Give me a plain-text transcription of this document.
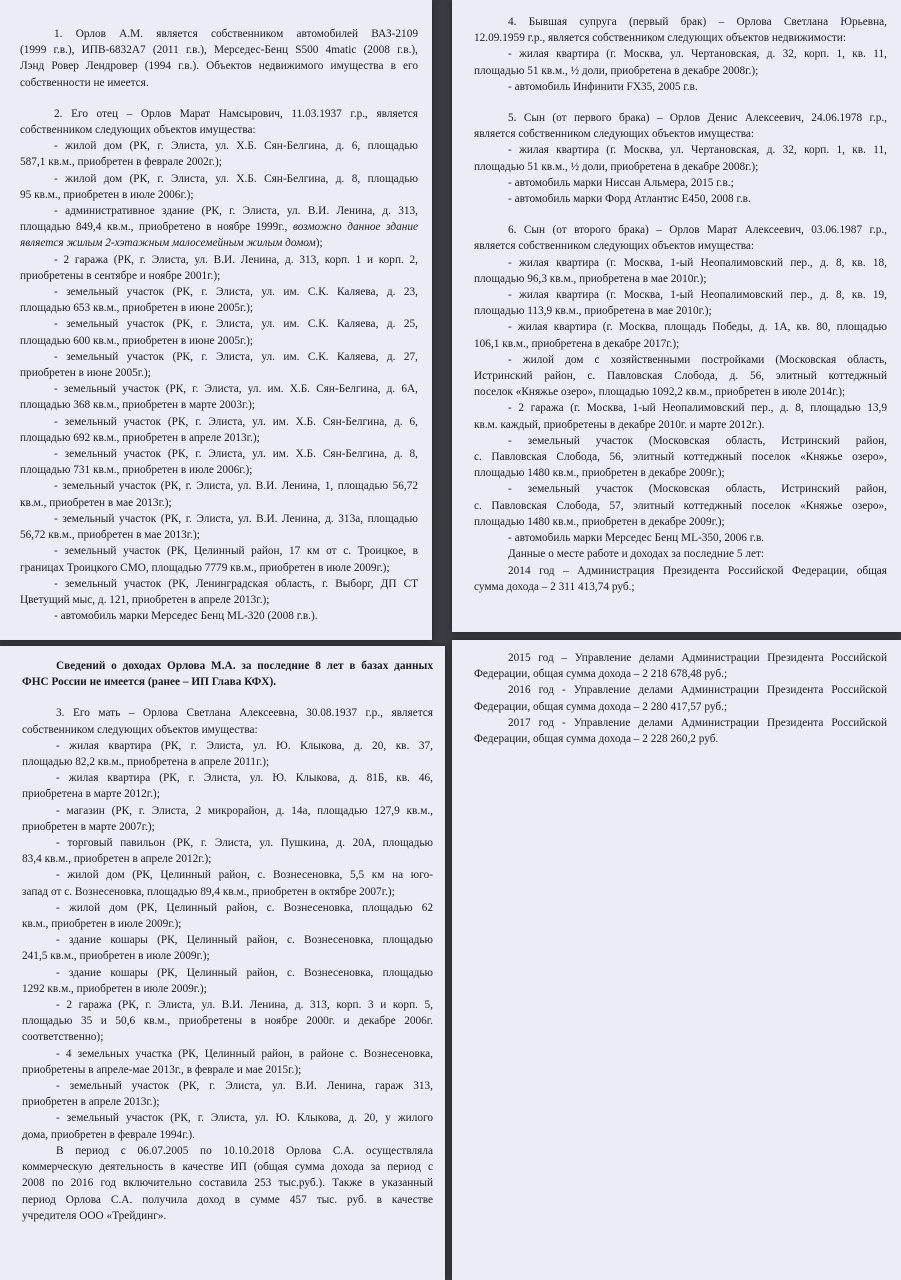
1. Орлов А.М. является собственником автомобилей ВАЗ-2109
(1999 г.в.), ИПВ-6832А7 (2011 г.в.), Мерседес-Бенц S500 4matic (2008 г.в.),
Лэнд Ровер Лендровер (1994 г.в.). Объектов недвижимого имущества в его
собственности не имеется.
2. Его отец – Орлов Марат Намсырович, 11.03.1937 г.р., является
собственником следующих объектов имущества:
- жилой дом (РК, г. Элиста, ул. Х.Б. Сян-Белгина, д. 6, площадью
587,1 кв.м., приобретен в феврале 2002г.);
- жилой дом (РК, г. Элиста, ул. Х.Б. Сян-Белгина, д. 8, площадью
95 кв.м., приобретен в июле 2006г.);
- административное здание (РК, г. Элиста, ул. В.И. Ленина, д. 313,
площадью 849,4 кв.м., приобретено в ноябре 1999г., возможно данное здание
является жилым 2-хэтажным малосемейным жилым домом);
- 2 гаража (РК, г. Элиста, ул. В.И. Ленина, д. 313, корп. 1 и корп. 2,
приобретены в сентябре и ноябре 2001г.);
- земельный участок (РК, г. Элиста, ул. им. С.К. Каляева, д. 23,
площадью 653 кв.м., приобретен в июне 2005г.);
- земельный участок (РК, г. Элиста, ул. им. С.К. Каляева, д. 25,
площадью 600 кв.м., приобретен в июне 2005г.);
- земельный участок (РК, г. Элиста, ул. им. С.К. Каляева, д. 27,
приобретен в июне 2005г.);
- земельный участок (РК, г. Элиста, ул. им. Х.Б. Сян-Белгина, д. 6А,
площадью 368 кв.м., приобретен в марте 2003г.);
- земельный участок (РК, г. Элиста, ул. им. Х.Б. Сян-Белгина, д. 6,
площадью 692 кв.м., приобретен в апреле 2013г.);
- земельный участок (РК, г. Элиста, ул. им. Х.Б. Сян-Белгина, д. 8,
площадью 731 кв.м., приобретен в июле 2006г.);
- земельный участок (РК, г. Элиста, ул. В.И. Ленина, 1, площадью 56,72
кв.м., приобретен в мае 2013г.);
- земельный участок (РК, г. Элиста, ул. В.И. Ленина, д. 313а, площадью
56,72 кв.м., приобретен в мае 2013г.);
- земельный участок (РК, Целинный район, 17 км от с. Троицкое, в
границах Троицкого СМО, площадью 7779 кв.м., приобретен в июле 2009г.);
- земельный участок (РК, Ленинградская область, г. Выборг, ДП СТ
Цветущий мыс, д. 121, приобретен в апреле 2013г.);
- автомобиль марки Мерседес Бенц ML-320 (2008 г.в.).
4. Бывшая супруга (первый брак) – Орлова Светлана Юрьевна,
12.09.1959 г.р., является собственником следующих объектов недвижимости:
- жилая квартира (г. Москва, ул. Чертановская, д. 32, корп. 1, кв. 11,
площадью 51 кв.м., ½ доли, приобретена в декабре 2008г.);
- автомобиль Инфинити FX35, 2005 г.в.
5. Сын (от первого брака) – Орлов Денис Алексеевич, 24.06.1978 г.р.,
является собственником следующих объектов имущества:
- жилая квартира (г. Москва, ул. Чертановская, д. 32, корп. 1, кв. 11,
площадью 51 кв.м., ½ доли, приобретена в декабре 2008г.);
- автомобиль марки Ниссан Альмера, 2015 г.в.;
- автомобиль марки Форд Атлантис E450, 2008 г.в.
6. Сын (от второго брака) – Орлов Марат Алексеевич, 03.06.1987 г.р.,
является собственником следующих объектов имущества:
- жилая квартира (г. Москва, 1-ый Неопалимовский пер., д. 8, кв. 18,
площадью 96,3 кв.м., приобретена в мае 2010г.);
- жилая квартира (г. Москва, 1-ый Неопалимовский пер., д. 8, кв. 19,
площадью 113,9 кв.м., приобретена в мае 2010г.);
- жилая квартира (г. Москва, площадь Победы, д. 1А, кв. 80, площадью
106,1 кв.м., приобретена в декабре 2017г.);
- жилой дом с хозяйственными постройками (Московская область,
Истринский район, с. Павловская Слобода, д. 56, элитный коттеджный
поселок «Княжье озеро», площадью 1092,2 кв.м., приобретен в июле 2014г.);
- 2 гаража (г. Москва, 1-ый Неопалимовский пер., д. 8, площадью 13,9
кв.м. каждый, приобретены в декабре 2010г. и марте 2012г.).
- земельный участок (Московская область, Истринский район,
с. Павловская Слобода, 56, элитный коттеджный поселок «Княжье озеро»,
площадью 1480 кв.м., приобретен в декабре 2009г.);
- земельный участок (Московская область, Истринский район,
с. Павловская Слобода, 57, элитный коттеджный поселок «Княжье озеро»,
площадью 1480 кв.м., приобретен в декабре 2009г.);
- автомобиль марки Мерседес Бенц ML-350, 2006 г.в.
Данные о месте работе и доходах за последние 5 лет:
2014 год – Администрация Президента Российской Федерации, общая
сумма дохода – 2 311 413,74 руб.;
Сведений о доходах Орлова М.А. за последние 8 лет в базах данных
ФНС России не имеется (ранее – ИП Глава КФХ).
3. Его мать – Орлова Светлана Алексеевна, 30.08.1937 г.р., является
собственником следующих объектов имущества:
- жилая квартира (РК, г. Элиста, ул. Ю. Клыкова, д. 20, кв. 37,
площадью 82,2 кв.м., приобретена в апреле 2011г.);
- жилая квартира (РК, г. Элиста, ул. Ю. Клыкова, д. 81Б, кв. 46,
приобретена в марте 2012г.);
- магазин (РК, г. Элиста, 2 микрорайон, д. 14а, площадью 127,9 кв.м.,
приобретен в марте 2007г.);
- торговый павильон (РК, г. Элиста, ул. Пушкина, д. 20А, площадью
83,4 кв.м., приобретен в апреле 2012г.);
- жилой дом (РК, Целинный район, с. Вознесеновка, 5,5 км на юго-
запад от с. Вознесеновка, площадью 89,4 кв.м., приобретен в октябре 2007г.);
- жилой дом (РК, Целинный район, с. Вознесеновка, площадью 62
кв.м., приобретен в июле 2009г.);
- здание кошары (РК, Целинный район, с. Вознесеновка, площадью
241,5 кв.м., приобретен в июле 2009г.);
- здание кошары (РК, Целинный район, с. Вознесеновка, площадью
1292 кв.м., приобретен в июле 2009г.);
- 2 гаража (РК, г. Элиста, ул. В.И. Ленина, д. 313, корп. 3 и корп. 5,
площадью 35 и 50,6 кв.м., приобретены в ноябре 2000г. и декабре 2006г.
соответственно);
- 4 земельных участка (РК, Целинный район, в районе с. Вознесеновка,
приобретены в апреле-мае 2013г., в феврале и мае 2015г.);
- земельный участок (РК, г. Элиста, ул. В.И. Ленина, гараж 313,
приобретен в апреле 2013г.);
- земельный участок (РК, г. Элиста, ул. Ю. Клыкова, д. 20, у жилого
дома, приобретен в феврале 1994г.).
В период с 06.07.2005 по 10.10.2018 Орлова С.А. осуществляла
коммерческую деятельность в качестве ИП (общая сумма дохода за период с
2008 по 2016 год включительно составила 253 тыс.руб.). Также в указанный
период Орлова С.А. получила доход в сумме 457 тыс. руб. в качестве
учредителя ООО «Трейдинг».
2015 год – Управление делами Администрации Президента Российской
Федерации, общая сумма дохода – 2 218 678,48 руб.;
2016 год - Управление делами Администрации Президента Российской
Федерации, общая сумма дохода – 2 280 417,57 руб.;
2017 год - Управление делами Администрации Президента Российской
Федерации, общая сумма дохода – 2 228 260,2 руб.
